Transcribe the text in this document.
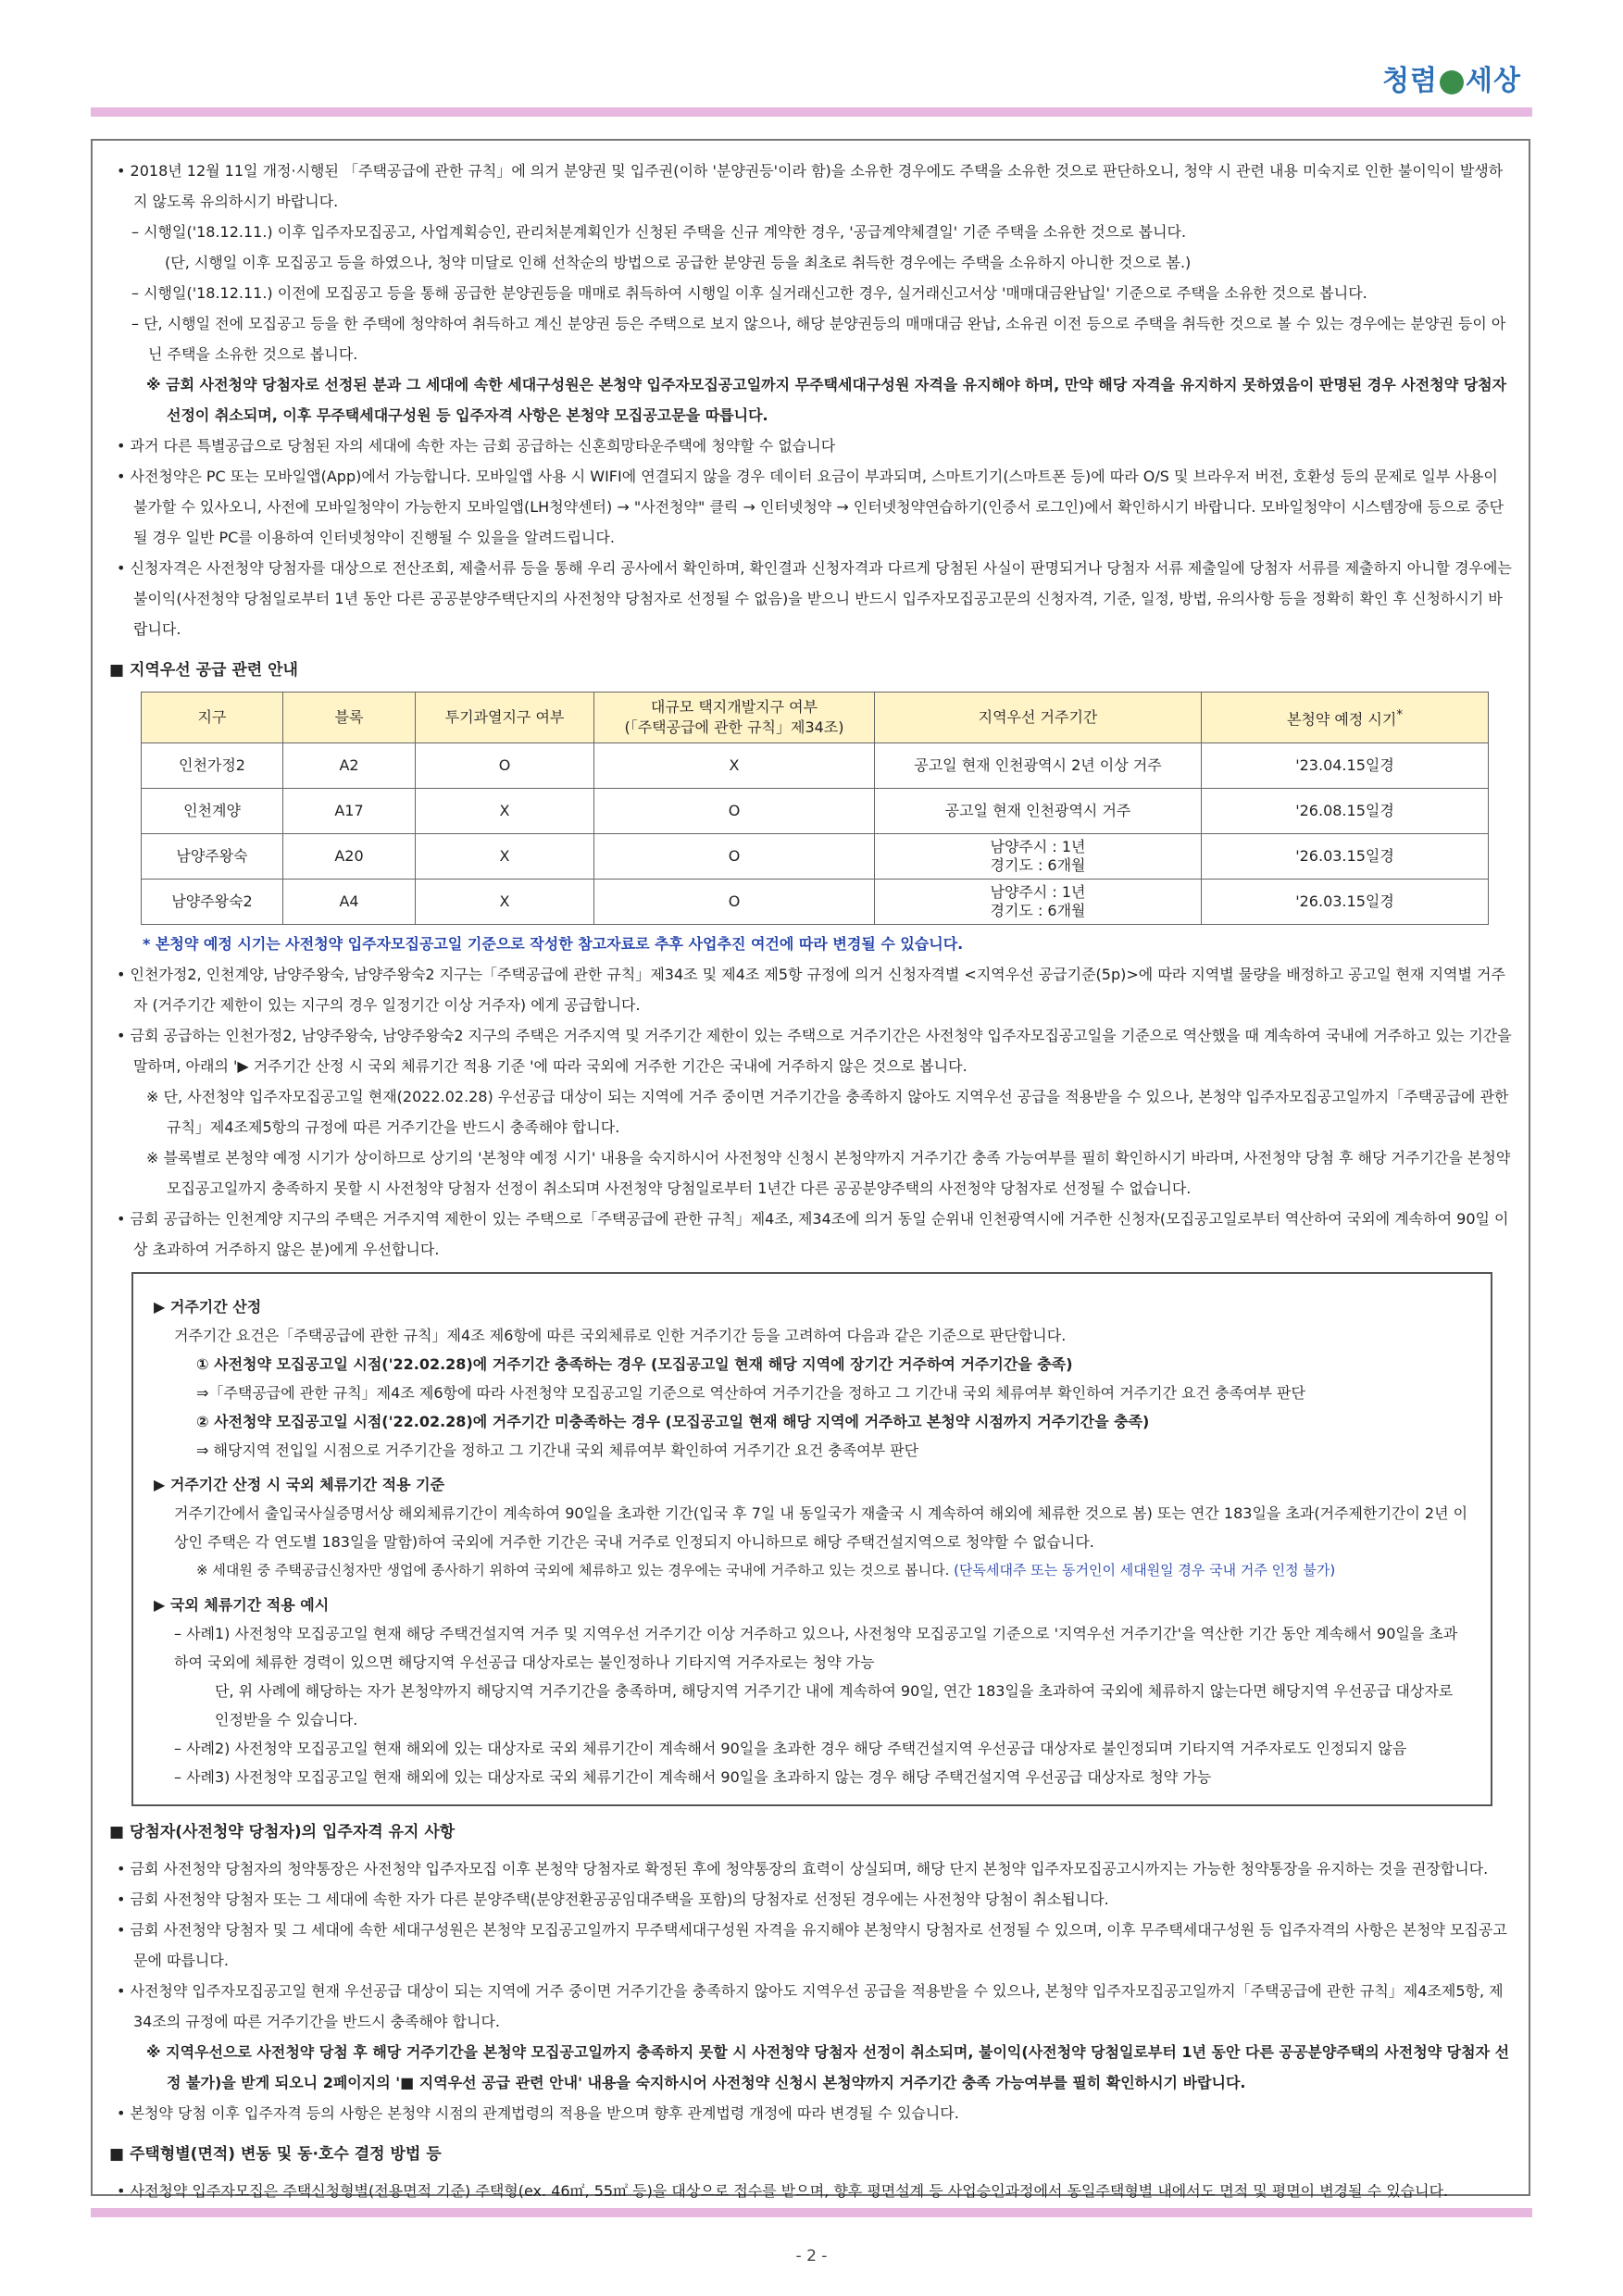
청렴 세상

• 2018년 12월 11일 개정·시행된 「주택공급에 관한 규칙」에 의거 분양권 및 입주권(이하 '분양권등'이라 함)을 소유한 경우에도 주택을 소유한 것으로 판단하오니, 청약 시 관련 내용 미숙지로 인한 불이익이 발생하지 않도록 유의하시기 바랍니다.

– 시행일('18.12.11.) 이후 입주자모집공고, 사업계획승인, 관리처분계획인가 신청된 주택을 신규 계약한 경우, '공급계약체결일' 기준 주택을 소유한 것으로 봅니다.

(단, 시행일 이후 모집공고 등을 하였으나, 청약 미달로 인해 선착순의 방법으로 공급한 분양권 등을 최초로 취득한 경우에는 주택을 소유하지 아니한 것으로 봄.)

– 시행일('18.12.11.) 이전에 모집공고 등을 통해 공급한 분양권등을 매매로 취득하여 시행일 이후 실거래신고한 경우, 실거래신고서상 '매매대금완납일' 기준으로 주택을 소유한 것으로 봅니다.

– 단, 시행일 전에 모집공고 등을 한 주택에 청약하여 취득하고 계신 분양권 등은 주택으로 보지 않으나, 해당 분양권등의 매매대금 완납, 소유권 이전 등으로 주택을 취득한 것으로 볼 수 있는 경우에는 분양권 등이 아닌 주택을 소유한 것으로 봅니다.

※ 금회 사전청약 당첨자로 선정된 분과 그 세대에 속한 세대구성원은 본청약 입주자모집공고일까지 무주택세대구성원 자격을 유지해야 하며, 만약 해당 자격을 유지하지 못하였음이 판명된 경우 사전청약 당첨자 선정이 취소되며, 이후 무주택세대구성원 등 입주자격 사항은 본청약 모집공고문을 따릅니다.

• 과거 다른 특별공급으로 당첨된 자의 세대에 속한 자는 금회 공급하는 신혼희망타운주택에 청약할 수 없습니다

• 사전청약은 PC 또는 모바일앱(App)에서 가능합니다. 모바일앱 사용 시 WIFI에 연결되지 않을 경우 데이터 요금이 부과되며, 스마트기기(스마트폰 등)에 따라 O/S 및 브라우저 버전, 호환성 등의 문제로 일부 사용이 불가할 수 있사오니, 사전에 모바일청약이 가능한지 모바일앱(LH청약센터) → "사전청약" 클릭 → 인터넷청약 → 인터넷청약연습하기(인증서 로그인)에서 확인하시기 바랍니다. 모바일청약이 시스템장애 등으로 중단될 경우 일반 PC를 이용하여 인터넷청약이 진행될 수 있을을 알려드립니다.

• 신청자격은 사전청약 당첨자를 대상으로 전산조회, 제출서류 등을 통해 우리 공사에서 확인하며, 확인결과 신청자격과 다르게 당첨된 사실이 판명되거나 당첨자 서류 제출일에 당첨자 서류를 제출하지 아니할 경우에는 불이익(사전청약 당첨일로부터 1년 동안 다른 공공분양주택단지의 사전청약 당첨자로 선정될 수 없음)을 받으니 반드시 입주자모집공고문의 신청자격, 기준, 일정, 방법, 유의사항 등을 정확히 확인 후 신청하시기 바랍니다.

■ 지역우선 공급 관련 안내

지구	블록	투기과열지구 여부	대규모 택지개발지구 여부
(「주택공급에 관한 규칙」제34조)	지역우선 거주기간	본청약 예정 시기*
인천가정2	A2	O	X	공고일 현재 인천광역시 2년 이상 거주	'23.04.15일경
인천계양	A17	X	O	공고일 현재 인천광역시 거주	'26.08.15일경
남양주왕숙	A20	X	O	남양주시 : 1년
경기도 : 6개월	'26.03.15일경
남양주왕숙2	A4	X	O	남양주시 : 1년
경기도 : 6개월	'26.03.15일경

* 본청약 예정 시기는 사전청약 입주자모집공고일 기준으로 작성한 참고자료로 추후 사업추진 여건에 따라 변경될 수 있습니다.

• 인천가정2, 인천계양, 남양주왕숙, 남양주왕숙2 지구는「주택공급에 관한 규칙」제34조 및 제4조 제5항 규정에 의거 신청자격별 <지역우선 공급기준(5p)>에 따라 지역별 물량을 배정하고 공고일 현재 지역별 거주자 (거주기간 제한이 있는 지구의 경우 일정기간 이상 거주자) 에게 공급합니다.

• 금회 공급하는 인천가정2, 남양주왕숙, 남양주왕숙2 지구의 주택은 거주지역 및 거주기간 제한이 있는 주택으로 거주기간은 사전청약 입주자모집공고일을 기준으로 역산했을 때 계속하여 국내에 거주하고 있는 기간을 말하며, 아래의 '▶ 거주기간 산정 시 국외 체류기간 적용 기준 '에 따라 국외에 거주한 기간은 국내에 거주하지 않은 것으로 봅니다.

※ 단, 사전청약 입주자모집공고일 현재(2022.02.28) 우선공급 대상이 되는 지역에 거주 중이면 거주기간을 충족하지 않아도 지역우선 공급을 적용받을 수 있으나, 본청약 입주자모집공고일까지「주택공급에 관한 규칙」제4조제5항의 규정에 따른 거주기간을 반드시 충족해야 합니다.

※ 블록별로 본청약 예정 시기가 상이하므로 상기의 '본청약 예정 시기' 내용을 숙지하시어 사전청약 신청시 본청약까지 거주기간 충족 가능여부를 필히 확인하시기 바라며, 사전청약 당첨 후 해당 거주기간을 본청약 모집공고일까지 충족하지 못할 시 사전청약 당첨자 선정이 취소되며 사전청약 당첨일로부터 1년간 다른 공공분양주택의 사전청약 당첨자로 선정될 수 없습니다.

• 금회 공급하는 인천계양 지구의 주택은 거주지역 제한이 있는 주택으로「주택공급에 관한 규칙」제4조, 제34조에 의거 동일 순위내 인천광역시에 거주한 신청자(모집공고일로부터 역산하여 국외에 계속하여 90일 이상 초과하여 거주하지 않은 분)에게 우선합니다.

▶ 거주기간 산정

거주기간 요건은「주택공급에 관한 규칙」제4조 제6항에 따른 국외체류로 인한 거주기간 등을 고려하여 다음과 같은 기준으로 판단합니다.

① 사전청약 모집공고일 시점('22.02.28)에 거주기간 충족하는 경우 (모집공고일 현재 해당 지역에 장기간 거주하여 거주기간을 충족)

⇒「주택공급에 관한 규칙」제4조 제6항에 따라 사전청약 모집공고일 기준으로 역산하여 거주기간을 정하고 그 기간내 국외 체류여부 확인하여 거주기간 요건 충족여부 판단

② 사전청약 모집공고일 시점('22.02.28)에 거주기간 미충족하는 경우 (모집공고일 현재 해당 지역에 거주하고 본청약 시점까지 거주기간을 충족)

⇒ 해당지역 전입일 시점으로 거주기간을 정하고 그 기간내 국외 체류여부 확인하여 거주기간 요건 충족여부 판단

▶ 거주기간 산정 시 국외 체류기간 적용 기준

거주기간에서 출입국사실증명서상 해외체류기간이 계속하여 90일을 초과한 기간(입국 후 7일 내 동일국가 재출국 시 계속하여 해외에 체류한 것으로 봄) 또는 연간 183일을 초과(거주제한기간이 2년 이상인 주택은 각 연도별 183일을 말함)하여 국외에 거주한 기간은 국내 거주로 인정되지 아니하므로 해당 주택건설지역으로 청약할 수 없습니다.

※ 세대원 중 주택공급신청자만 생업에 종사하기 위하여 국외에 체류하고 있는 경우에는 국내에 거주하고 있는 것으로 봅니다. (단독세대주 또는 동거인이 세대원일 경우 국내 거주 인정 불가)

▶ 국외 체류기간 적용 예시

– 사례1) 사전청약 모집공고일 현재 해당 주택건설지역 거주 및 지역우선 거주기간 이상 거주하고 있으나, 사전청약 모집공고일 기준으로 '지역우선 거주기간'을 역산한 기간 동안 계속해서 90일을 초과하여 국외에 체류한 경력이 있으면 해당지역 우선공급 대상자로는 불인정하나 기타지역 거주자로는 청약 가능

단, 위 사례에 해당하는 자가 본청약까지 해당지역 거주기간을 충족하며, 해당지역 거주기간 내에 계속하여 90일, 연간 183일을 초과하여 국외에 체류하지 않는다면 해당지역 우선공급 대상자로 인정받을 수 있습니다.

– 사례2) 사전청약 모집공고일 현재 해외에 있는 대상자로 국외 체류기간이 계속해서 90일을 초과한 경우 해당 주택건설지역 우선공급 대상자로 불인정되며 기타지역 거주자로도 인정되지 않음

– 사례3) 사전청약 모집공고일 현재 해외에 있는 대상자로 국외 체류기간이 계속해서 90일을 초과하지 않는 경우 해당 주택건설지역 우선공급 대상자로 청약 가능

■ 당첨자(사전청약 당첨자)의 입주자격 유지 사항

• 금회 사전청약 당첨자의 청약통장은 사전청약 입주자모집 이후 본청약 당첨자로 확정된 후에 청약통장의 효력이 상실되며, 해당 단지 본청약 입주자모집공고시까지는 가능한 청약통장을 유지하는 것을 권장합니다.

• 금회 사전청약 당첨자 또는 그 세대에 속한 자가 다른 분양주택(분양전환공공임대주택을 포함)의 당첨자로 선정된 경우에는 사전청약 당첨이 취소됩니다.

• 금회 사전청약 당첨자 및 그 세대에 속한 세대구성원은 본청약 모집공고일까지 무주택세대구성원 자격을 유지해야 본청약시 당첨자로 선정될 수 있으며, 이후 무주택세대구성원 등 입주자격의 사항은 본청약 모집공고문에 따릅니다.

• 사전청약 입주자모집공고일 현재 우선공급 대상이 되는 지역에 거주 중이면 거주기간을 충족하지 않아도 지역우선 공급을 적용받을 수 있으나, 본청약 입주자모집공고일까지「주택공급에 관한 규칙」제4조제5항, 제34조의 규정에 따른 거주기간을 반드시 충족해야 합니다.

※ 지역우선으로 사전청약 당첨 후 해당 거주기간을 본청약 모집공고일까지 충족하지 못할 시 사전청약 당첨자 선정이 취소되며, 불이익(사전청약 당첨일로부터 1년 동안 다른 공공분양주택의 사전청약 당첨자 선정 불가)을 받게 되오니 2페이지의 '■ 지역우선 공급 관련 안내' 내용을 숙지하시어 사전청약 신청시 본청약까지 거주기간 충족 가능여부를 필히 확인하시기 바랍니다.

• 본청약 당첨 이후 입주자격 등의 사항은 본청약 시점의 관계법령의 적용을 받으며 향후 관계법령 개정에 따라 변경될 수 있습니다.

■ 주택형별(면적) 변동 및 동·호수 결정 방법 등

• 사전청약 입주자모집은 주택신청형별(전용면적 기준) 주택형(ex. 46㎡, 55㎡ 등)을 대상으로 접수를 받으며, 향후 평면설계 등 사업승인과정에서 동일주택형별 내에서도 면적 및 평면이 변경될 수 있습니다.

- 2 -
